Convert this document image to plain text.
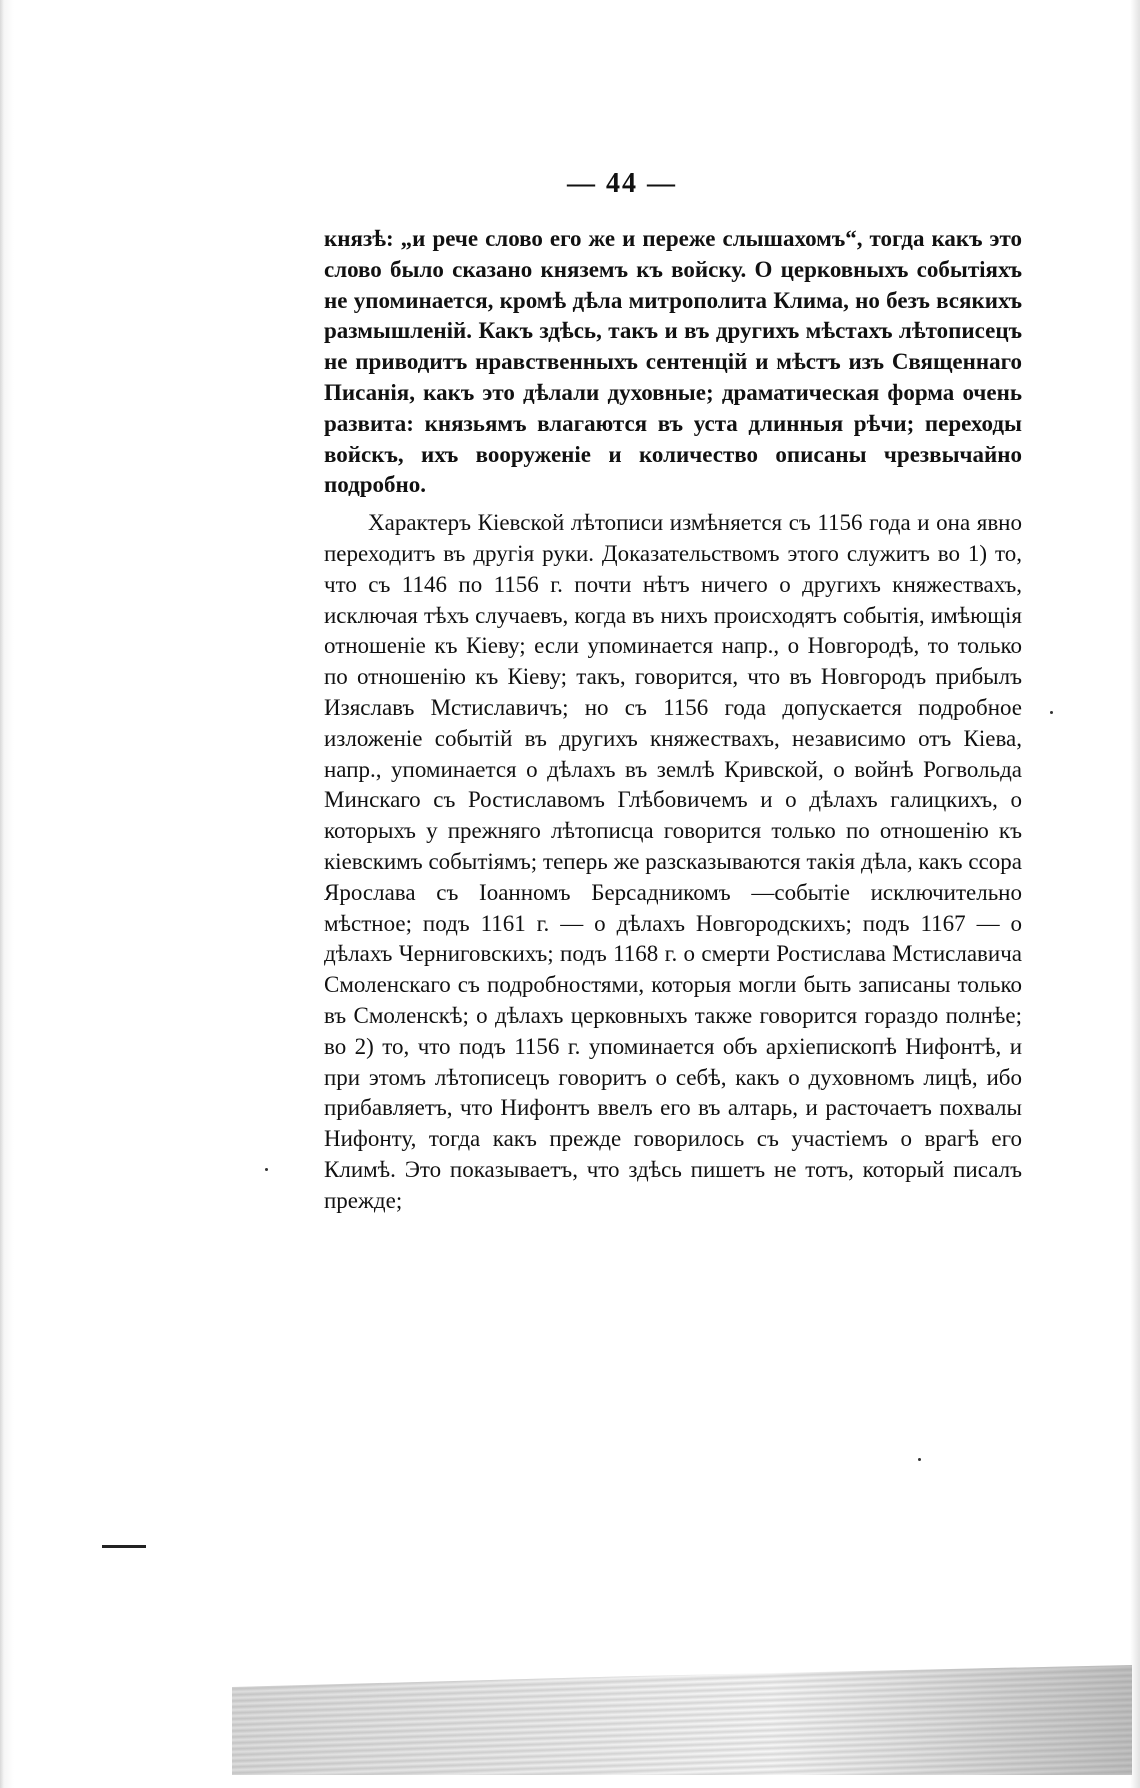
— 44 —

князѣ: „и рече слово его же и переже слышахомъ“, тогда какъ это слово было сказано княземъ къ войску. О церковныхъ событіяхъ не упоминается, кромѣ дѣла митрополита Клима, но безъ всякихъ размышленій. Какъ здѣсь, такъ и въ другихъ мѣстахъ лѣтописецъ не приводитъ нравственныхъ сентенцій и мѣстъ изъ Священнаго Писанія, какъ это дѣлали духовные; драматическая форма очень развита: князьямъ влагаются въ уста длинныя рѣчи; переходы войскъ, ихъ вооруженіе и количество описаны чрезвычайно подробно.

Характеръ Кіевской лѣтописи измѣняется съ 1156 года и она явно переходитъ въ другія руки. Доказательствомъ этого служитъ во 1) то, что съ 1146 по 1156 г. почти нѣтъ ничего о другихъ княжествахъ, исключая тѣхъ случаевъ, когда въ нихъ происходятъ событія, имѣющія отношеніе къ Кіеву; если упоминается напр., о Новгородѣ, то только по отношенію къ Кіеву; такъ, говорится, что въ Новгородъ прибылъ Изяславъ Мстиславичъ; но съ 1156 года допускается подробное изложеніе событій въ другихъ княжествахъ, независимо отъ Кіева, напр., упоминается о дѣлахъ въ землѣ Кривской, о войнѣ Рогвольда Минскаго съ Ростиславомъ Глѣбовичемъ и о дѣлахъ галицкихъ, о которыхъ у прежняго лѣтописца говорится только по отношенію къ кіевскимъ событіямъ; теперь же разсказываются такія дѣла, какъ ссора Ярослава съ Іоанномъ Берсадникомъ —событіе исключительно мѣстное; подъ 1161 г. — о дѣлахъ Новгородскихъ; подъ 1167 — о дѣлахъ Черниговскихъ; подъ 1168 г. о смерти Ростислава Мстиславича Смоленскаго съ подробностями, которыя могли быть записаны только въ Смоленскѣ; о дѣлахъ церковныхъ также говорится гораздо полнѣе; во 2) то, что подъ 1156 г. упоминается объ архіепископѣ Нифонтѣ, и при этомъ лѣтописецъ говоритъ о себѣ, какъ о духовномъ лицѣ, ибо прибавляетъ, что Нифонтъ ввелъ его въ алтарь, и расточаетъ похвалы Нифонту, тогда какъ прежде говорилось съ участіемъ о врагѣ его Климѣ. Это показываетъ, что здѣсь пишетъ не тотъ, который писалъ прежде;
